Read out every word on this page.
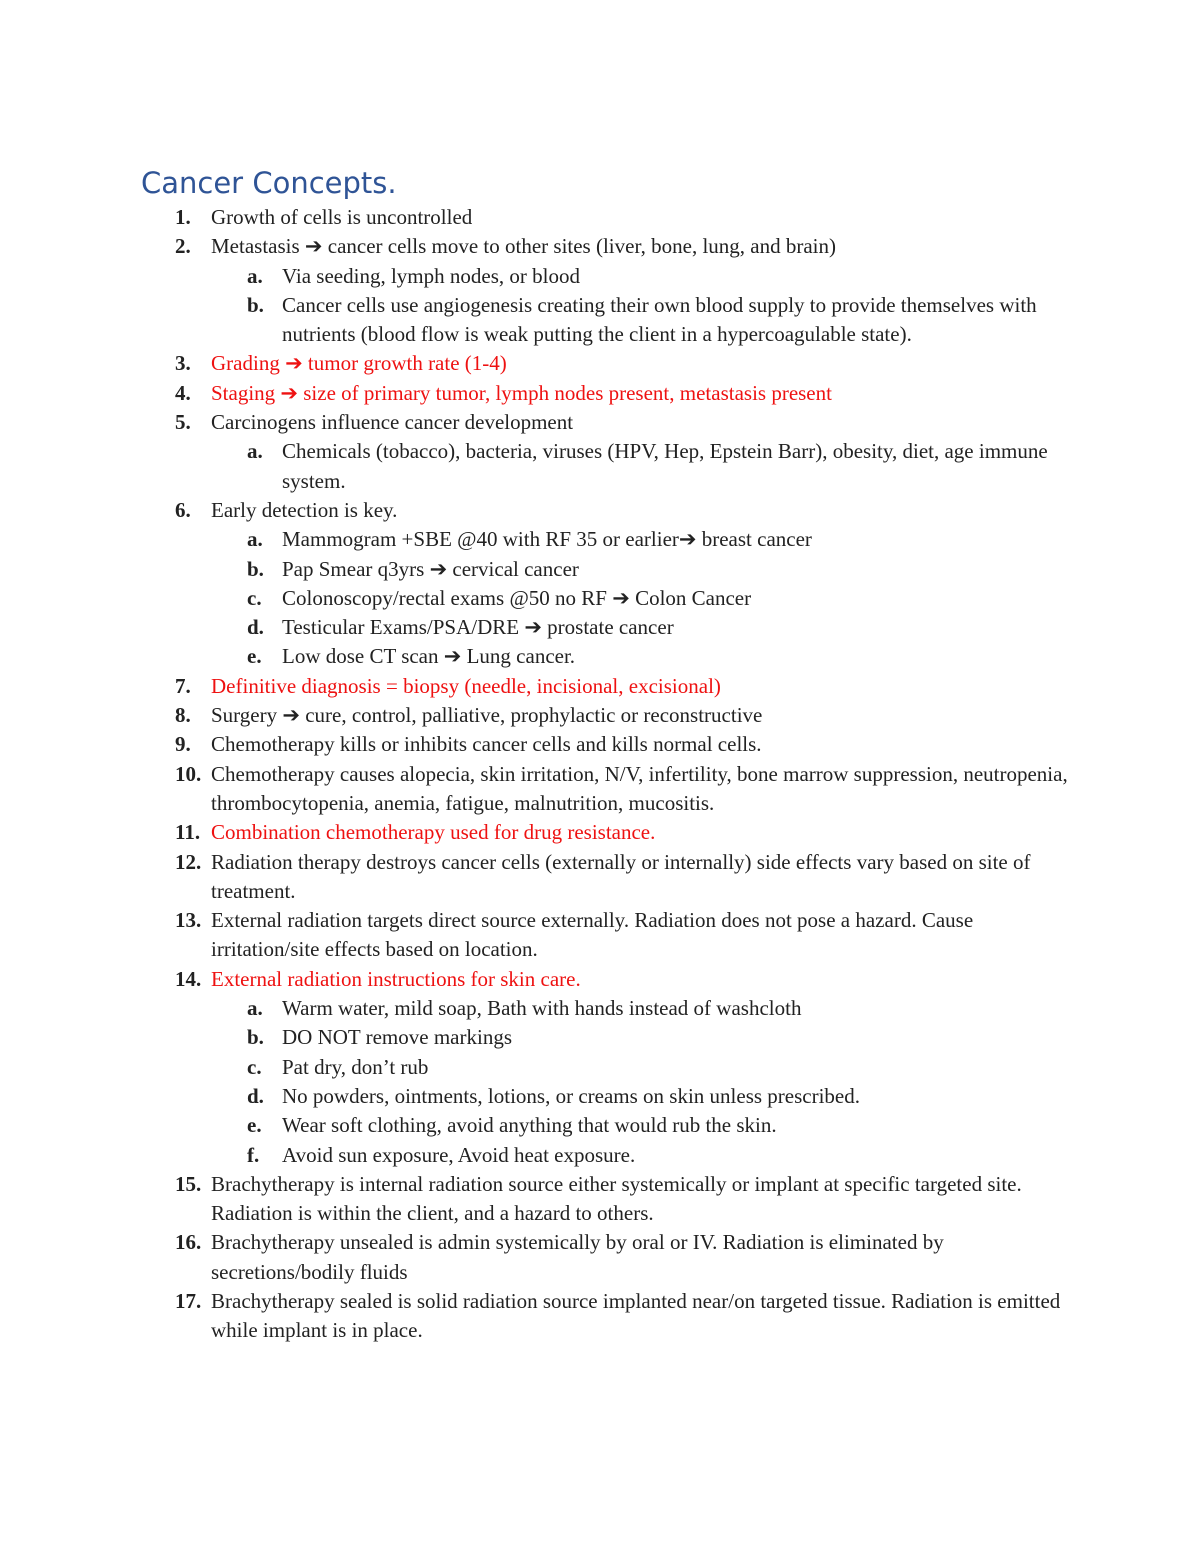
Cancer Concepts.
1. Growth of cells is uncontrolled
2. Metastasis ➔ cancer cells move to other sites (liver, bone, lung, and brain)
a. Via seeding, lymph nodes, or blood
b. Cancer cells use angiogenesis creating their own blood supply to provide themselves with nutrients (blood flow is weak putting the client in a hypercoagulable state).
3. Grading ➔ tumor growth rate (1-4)
4. Staging ➔ size of primary tumor, lymph nodes present, metastasis present
5. Carcinogens influence cancer development
a. Chemicals (tobacco), bacteria, viruses (HPV, Hep, Epstein Barr), obesity, diet, age immune system.
6. Early detection is key.
a. Mammogram +SBE @40 with RF 35 or earlier➔ breast cancer
b. Pap Smear q3yrs ➔ cervical cancer
c. Colonoscopy/rectal exams @50 no RF ➔ Colon Cancer
d. Testicular Exams/PSA/DRE ➔ prostate cancer
e. Low dose CT scan ➔ Lung cancer.
7. Definitive diagnosis = biopsy (needle, incisional, excisional)
8. Surgery ➔ cure, control, palliative, prophylactic or reconstructive
9. Chemotherapy kills or inhibits cancer cells and kills normal cells.
10. Chemotherapy causes alopecia, skin irritation, N/V, infertility, bone marrow suppression, neutropenia, thrombocytopenia, anemia, fatigue, malnutrition, mucositis.
11. Combination chemotherapy used for drug resistance.
12. Radiation therapy destroys cancer cells (externally or internally) side effects vary based on site of treatment.
13. External radiation targets direct source externally. Radiation does not pose a hazard. Cause irritation/site effects based on location.
14. External radiation instructions for skin care.
a. Warm water, mild soap, Bath with hands instead of washcloth
b. DO NOT remove markings
c. Pat dry, don’t rub
d. No powders, ointments, lotions, or creams on skin unless prescribed.
e. Wear soft clothing, avoid anything that would rub the skin.
f.	Avoid sun exposure, Avoid heat exposure.
15. Brachytherapy is internal radiation source either systemically or implant at specific targeted site. Radiation is within the client, and a hazard to others.
16. Brachytherapy unsealed is admin systemically by oral or IV. Radiation is eliminated by secretions/bodily fluids
17. Brachytherapy sealed is solid radiation source implanted near/on targeted tissue. Radiation is emitted while implant is in place.
